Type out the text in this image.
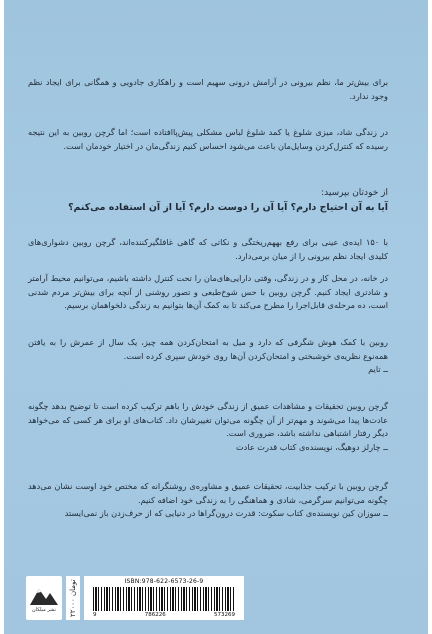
برای بیش‌تر ما، نظم بیرونی در آرامش درونی سهیم است و راهکاری جادویی و همگانی برای ایجاد نظم وجود ندارد.

در زندگی شاد، میزی شلوغ یا کمد شلوغ لباس مشکلی پیش‌پاافتاده است؛ اما گرچن روبین به این نتیجه رسیده که کنترل‌کردن وسایل‌مان باعث می‌شود احساس کنیم زندگی‌مان در اختیار خودمان است.

از خودتان بپرسید:

آیا به آن احتیاج دارم؟ آیا آن را دوست دارم؟ آیا از آن استفاده می‌کنم؟

با ۱۵۰ ایده‌ی عینی برای رفع بههم‌ریختگی و نکاتی که گاهی غافلگیرکننده‌اند، گرچن روبین دشواری‌های کلیدی ایجاد نظم بیرونی را از میان برمی‌دارد.

در خانه، در محل کار و در زندگی، وقتی دارایی‌های‌مان را تحت کنترل داشته باشیم، می‌توانیم محیط آرامتر و شادتری ایجاد کنیم. گرچن روبین با حس شوخ‌طبعی و تصور روشنی از آنچه برای بیش‌تر مردم شدنی است، ده مرحله‌ی قابل‌اجرا را مطرح می‌کند تا به کمک آن‌ها بتوانیم به زندگی دلخواهمان برسیم.

روبین با کمک هوش شگرفی که دارد و میل به امتحان‌کردن همه چیز، یک سال از عمرش را به یافتن همه‌نوع نظریه‌ی خوشبختی و امتحان‌کردن آن‌ها روی خودش سپری کرده است.

ــ تایم

گرچن روبین تحقیقات و مشاهدات عمیق از زندگی خودش را باهم ترکیب کرده است تا توضیح بدهد چگونه عادت‌ها پیدا می‌شوند و مهم‌تر از آن چگونه می‌توان تغییرشان داد. کتاب‌های او برای هر کسی که می‌خواهد دیگر رفتار اشتباهی نداشته باشد، ضروری است.

ــ چارلز دوهیگ، نویسنده‌ی کتاب قدرت عادت

گرچن روبین با ترکیب جذابیت، تحقیقات عمیق و مشاوره‌ی روشنگرانه که مختص خود اوست نشان می‌دهد چگونه می‌توانیم سرگرمی، شادی و هماهنگی را به زندگی خود اضافه کنیم.

ــ سوزان کین نویسنده‌ی کتاب سکوت: قدرت درون‌گراها در دنیایی که از حرف‌زدن باز نمی‌ایستد

نشر میلکان	۲۲۰۰۰ تومان	ISBN:978-622-6573-26-9
9	786226	573269
